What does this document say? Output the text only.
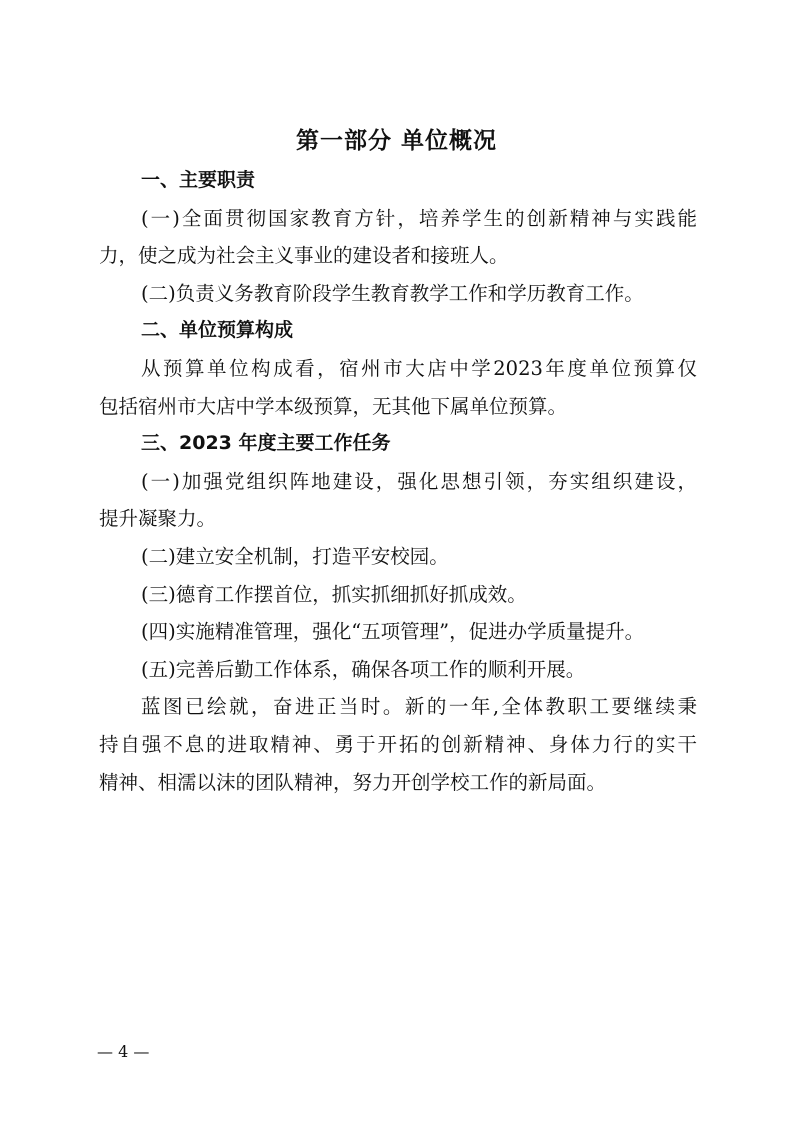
第一部分 单位概况

一、主要职责

(一)全面贯彻国家教育方针，培养学生的创新精神与实践能

力，使之成为社会主义事业的建设者和接班人。

(二)负责义务教育阶段学生教育教学工作和学历教育工作。

二、单位预算构成

从预算单位构成看，宿州市大店中学2023年度单位预算仅

包括宿州市大店中学本级预算，无其他下属单位预算。

三、2023 年度主要工作任务

(一)加强党组织阵地建设，强化思想引领，夯实组织建设，

提升凝聚力。

(二)建立安全机制，打造平安校园。

(三)德育工作摆首位，抓实抓细抓好抓成效。

(四)实施精准管理，强化“五项管理”，促进办学质量提升。

(五)完善后勤工作体系，确保各项工作的顺利开展。

蓝图已绘就，奋进正当时。新的一年,全体教职工要继续秉

持自强不息的进取精神、勇于开拓的创新精神、身体力行的实干

精神、相濡以沫的团队精神，努力开创学校工作的新局面。

— 4 —
